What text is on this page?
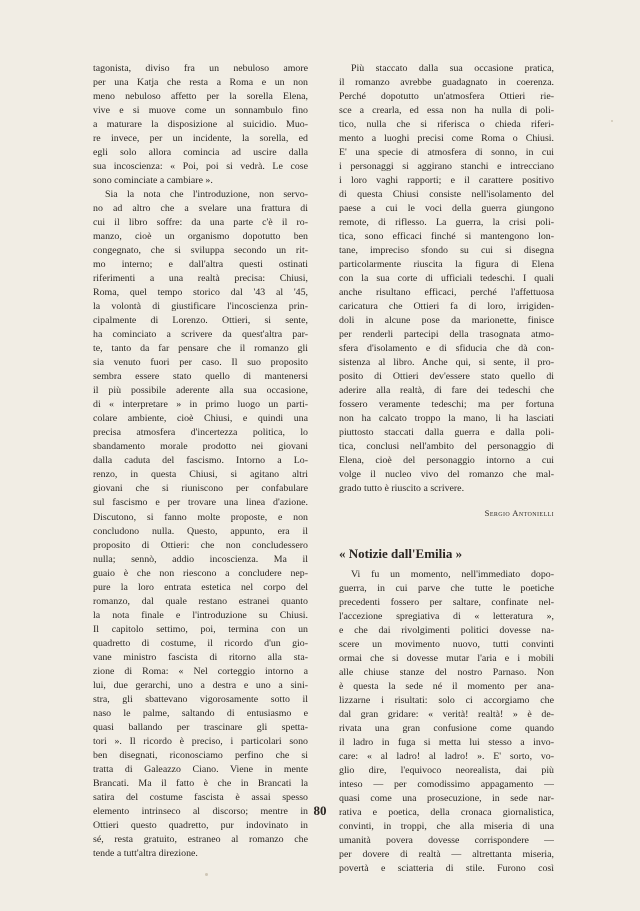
tagonista, diviso fra un nebuloso amore
per una Katja che resta a Roma e un non
meno nebuloso affetto per la sorella Elena,
vive e si muove come un sonnambulo fino
a maturare la disposizione al suicidio. Muo-
re invece, per un incidente, la sorella, ed
egli solo allora comincia ad uscire dalla
sua incoscienza: « Poi, poi si vedrà. Le cose
sono cominciate a cambiare ».
Sia la nota che l'introduzione, non servo-
no ad altro che a svelare una frattura di
cui il libro soffre: da una parte c'è il ro-
manzo, cioè un organismo dopotutto ben
congegnato, che si sviluppa secondo un rit-
mo interno; e dall'altra questi ostinati
riferimenti a una realtà precisa: Chiusi,
Roma, quel tempo storico dal '43 al '45,
la volontà di giustificare l'incoscienza prin-
cipalmente di Lorenzo. Ottieri, si sente,
ha cominciato a scrivere da quest'altra par-
te, tanto da far pensare che il romanzo gli
sia venuto fuori per caso. Il suo proposito
sembra essere stato quello di mantenersi
il più possibile aderente alla sua occasione,
di « interpretare » in primo luogo un parti-
colare ambiente, cioè Chiusi, e quindi una
precisa atmosfera d'incertezza politica, lo
sbandamento morale prodotto nei giovani
dalla caduta del fascismo. Intorno a Lo-
renzo, in questa Chiusi, si agitano altri
giovani che si riuniscono per confabulare
sul fascismo e per trovare una linea d'azione.
Discutono, si fanno molte proposte, e non
concludono nulla. Questo, appunto, era il
proposito di Ottieri: che non concludessero
nulla; sennò, addio incoscienza. Ma il
guaio è che non riescono a concludere nep-
pure la loro entrata estetica nel corpo del
romanzo, dal quale restano estranei quanto
la nota finale e l'introduzione su Chiusi.
Il capitolo settimo, poi, termina con un
quadretto di costume, il ricordo d'un gio-
vane ministro fascista di ritorno alla sta-
zione di Roma: « Nel corteggio intorno a
lui, due gerarchi, uno a destra e uno a sini-
stra, gli sbattevano vigorosamente sotto il
naso le palme, saltando di entusiasmo e
quasi ballando per trascinare gli spetta-
tori ». Il ricordo è preciso, i particolari sono
ben disegnati, riconosciamo perfino che si
tratta di Galeazzo Ciano. Viene in mente
Brancati. Ma il fatto è che in Brancati la
satira del costume fascista è assai spesso
elemento intrinseco al discorso; mentre in
Ottieri questo quadretto, pur indovinato in
sé, resta gratuito, estraneo al romanzo che
tende a tutt'altra direzione.
Più staccato dalla sua occasione pratica,
il romanzo avrebbe guadagnato in coerenza.
Perché dopotutto un'atmosfera Ottieri rie-
sce a crearla, ed essa non ha nulla di poli-
tico, nulla che si riferisca o chieda riferi-
mento a luoghi precisi come Roma o Chiusi.
E' una specie di atmosfera di sonno, in cui
i personaggi si aggirano stanchi e intrecciano
i loro vaghi rapporti; e il carattere positivo
di questa Chiusi consiste nell'isolamento del
paese a cui le voci della guerra giungono
remote, di riflesso. La guerra, la crisi poli-
tica, sono efficaci finché si mantengono lon-
tane, impreciso sfondo su cui si disegna
particolarmente riuscita la figura di Elena
con la sua corte di ufficiali tedeschi. I quali
anche risultano efficaci, perché l'affettuosa
caricatura che Ottieri fa di loro, irrigiden-
doli in alcune pose da marionette, finisce
per renderli partecipi della trasognata atmo-
sfera d'isolamento e di sfiducia che dà con-
sistenza al libro. Anche qui, si sente, il pro-
posito di Ottieri dev'essere stato quello di
aderire alla realtà, di fare dei tedeschi che
fossero veramente tedeschi; ma per fortuna
non ha calcato troppo la mano, li ha lasciati
piuttosto staccati dalla guerra e dalla poli-
tica, conclusi nell'ambito del personaggio di
Elena, cioè del personaggio intorno a cui
volge il nucleo vivo del romanzo che mal-
grado tutto è riuscito a scrivere.
Sergio Antonielli
« Notizie dall'Emilia »
Vi fu un momento, nell'immediato dopo-
guerra, in cui parve che tutte le poetiche
precedenti fossero per saltare, confinate nel-
l'accezione spregiativa di « letteratura »,
e che dai rivolgimenti politici dovesse na-
scere un movimento nuovo, tutti convinti
ormai che si dovesse mutar l'aria e i mobili
alle chiuse stanze del nostro Parnaso. Non
è questa la sede né il momento per ana-
lizzarne i risultati: solo ci accorgiamo che
dal gran gridare: « verità! realtà! » è de-
rivata una gran confusione come quando
il ladro in fuga si metta lui stesso a invo-
care: « al ladro! al ladro! ». E' sorto, vo-
glio dire, l'equivoco neorealista, dai più
inteso — per comodissimo appagamento —
quasi come una prosecuzione, in sede nar-
rativa e poetica, della cronaca giornalistica,
convinti, in troppi, che alla miseria di una
umanità povera dovesse corrispondere —
per dovere di realtà — altrettanta miseria,
povertà e sciatteria di stile. Furono così
80
